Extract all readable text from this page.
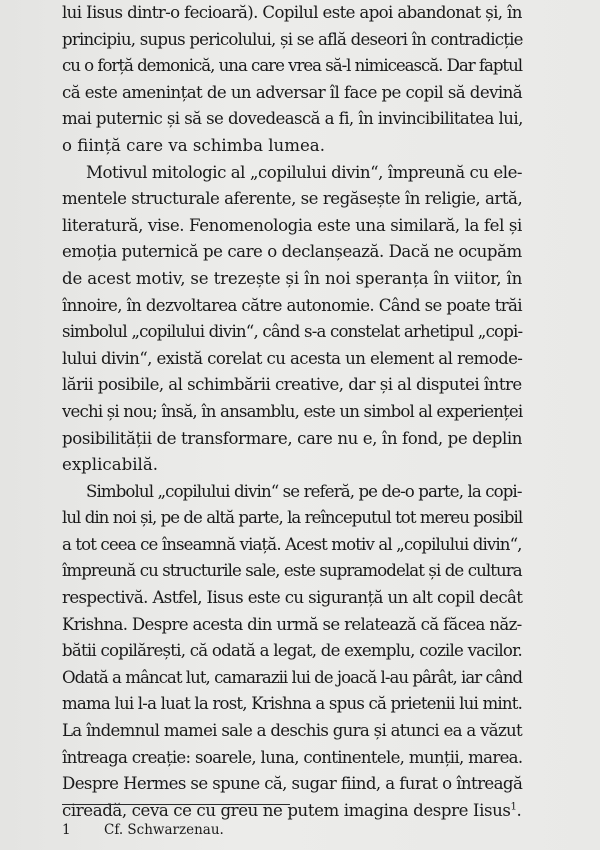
lui Iisus dintr-o fecioară). Copilul este apoi abandonat și, în
principiu, supus pericolului, și se află deseori în contradicție
cu o forță demonică, una care vrea să-l nimicească. Dar faptul
că este amenințat de un adversar îl face pe copil să devină
mai puternic și să se dovedească a fi, în invincibilitatea lui,
o ființă care va schimba lumea.
Motivul mitologic al „copilului divin“, împreună cu ele-
mentele structurale aferente, se regăsește în religie, artă,
literatură, vise. Fenomenologia este una similară, la fel și
emoția puternică pe care o declanșează. Dacă ne ocupăm
de acest motiv, se trezește și în noi speranța în viitor, în
înnoire, în dezvoltarea către autonomie. Când se poate trăi
simbolul „copilului divin“, când s-a constelat arhetipul „copi-
lului divin“, există corelat cu acesta un element al remode-
lării posibile, al schimbării creative, dar și al disputei între
vechi și nou; însă, în ansamblu, este un simbol al experienței
posibilității de transformare, care nu e, în fond, pe deplin
explicabilă.
Simbolul „copilului divin“ se referă, pe de-o parte, la copi-
lul din noi și, pe de altă parte, la reînceputul tot mereu posibil
a tot ceea ce înseamnă viață. Acest motiv al „copilului divin“,
împreună cu structurile sale, este supramodelat și de cultura
respectivă. Astfel, Iisus este cu siguranță un alt copil decât
Krishna. Despre acesta din urmă se relatează că făcea năz-
bătii copilărești, că odată a legat, de exemplu, cozile vacilor.
Odată a mâncat lut, camarazii lui de joacă l-au pârât, iar când
mama lui l-a luat la rost, Krishna a spus că prietenii lui mint.
La îndemnul mamei sale a deschis gura și atunci ea a văzut
întreaga creație: soarele, luna, continentele, munții, marea.
Despre Hermes se spune că, sugar fiind, a furat o întreagă
cireadă, ceva ce cu greu ne putem imagina despre Iisus$^1$.
1 Cf. Schwarzenau.
